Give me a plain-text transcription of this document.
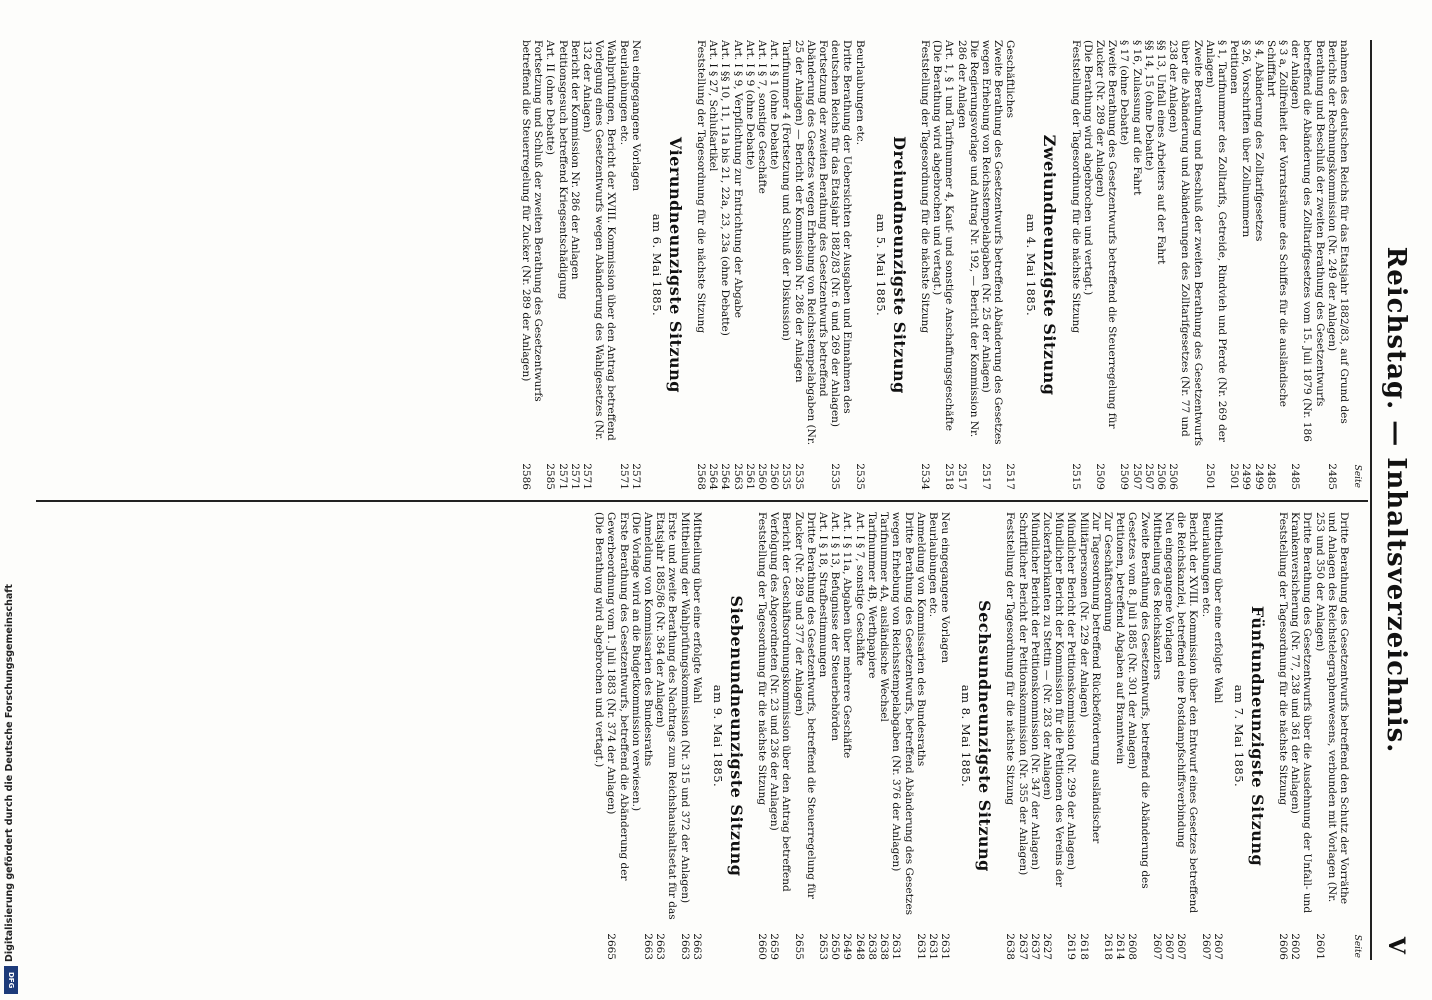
Reichstag. — Inhaltsverzeichnis.
V
Seite
nahmen des deutschen Reichs für das Etatsjahr 1882/83, auf Grund des Berichts der Rechnungskommission (Nr. 249 der Anlagen)
2485
Berathung und Beschluß der zweiten Berathung des Gesetzentwurfs betreffend die Abänderung des Zolltarifgesetzes vom 15. Juli 1879 (Nr. 186 der Anlagen)
2485
§ 3 a, Zollfreiheit der Vorratsräume des Schiffes für die ausländische Schifffahrt
2485
§ 4, Abänderung des Zolltarifgesetzes
2499
§ 26, Vorschriften über Zollnummern
2499
Petitionen
2501
§ 1, Tarifnummer des Zolltarifs, Getreide, Rindvieh und Pferde (Nr. 269 der Anlagen)
2501
Zweite Berathung und Beschluß der zweiten Berathung des Gesetzentwurfs über die Abänderung und Abänderungen des Zolltarifgesetzes (Nr. 77 und 238 der Anlagen)
2506
§§ 13, Unfall eines Arbeiters auf der Fahrt
2506
§§ 14, 15 (ohne Debatte)
2507
§ 16, Zulassung auf die Fahrt
2507
§ 17 (ohne Debatte)
2509
Zweite Berathung des Gesetzentwurfs betreffend die Steuerregelung für Zucker (Nr. 289 der Anlagen)
2509
(Die Berathung wird abgebrochen und vertagt.)
Feststellung der Tagesordnung für die nächste Sitzung
2515
Zweiundneunzigste Sitzung
am 4. Mai 1885.
Geschäftliches
2517
Zweite Berathung des Gesetzentwurfs betreffend Abänderung des Gesetzes wegen Erhebung von Reichsstempelabgaben (Nr. 25 der Anlagen)
2517
Die Regierungsvorlage und Antrag Nr. 192, — Bericht der Kommission Nr. 286 der Anlagen
2517
Art. 1, § 1 und Tarifnummer 4, Kauf- und sonstige Anschaffungsgeschäfte
2518
(Die Berathung wird abgebrochen und vertagt.)
Feststellung der Tagesordnung für die nächste Sitzung
2534
Dreiundneunzigste Sitzung
am 5. Mai 1885.
Beurlaubungen etc.
2535
Dritte Berathung der Uebersichten der Ausgaben und Einnahmen des deutschen Reichs für das Etatsjahr 1882/83 (Nr. 6 und 269 der Anlagen)
2535
Fortsetzung der zweiten Berathung des Gesetzentwurfs betreffend Abänderung des Gesetzes wegen Erhebung von Reichsstempelabgaben (Nr. 25 der Anlagen) — Bericht der Kommission Nr. 286 der Anlagen
2535
Tarifnummer 4 (Fortsetzung und Schluß der Diskussion)
2535
Art. I § 1 (ohne Debatte)
2560
Art. I § 7, sonstige Geschäfte
2560
Art. I § 9 (ohne Debatte)
2561
Art. I § 9, Verpflichtung zur Entrichtung der Abgabe
2563
Art. I §§ 10, 11, 11a bis 21, 22a, 23, 23a (ohne Debatte)
2564
Art. I § 27, Schlußartikel
2564
Feststellung der Tagesordnung für die nächste Sitzung
2568
Vierundneunzigste Sitzung
am 6. Mai 1885.
Neu eingegangene Vorlagen
2571
Beurlaubungen etc.
2571
Wahlprüfungen, Bericht der XVIII. Kommission über den Antrag betreffend Vorlegung eines Gesetzentwurfs wegen Abänderung des Wahlgesetzes (Nr. 132 der Anlagen)
2571
Bericht der Kommission Nr. 286 der Anlagen
2571
Petitionsgesuch betreffend Kriegsentschädigung
2571
Art. II (ohne Debatte)
2585
Fortsetzung und Schluß der zweiten Berathung des Gesetzentwurfs betreffend die Steuerregelung für Zucker (Nr. 289 der Anlagen)
2586
Seite
Dritte Berathung des Gesetzentwurfs betreffend den Schutz der Vorräthe und Anlagen des Reichstelegraphenwesens, verbunden mit Vorlagen (Nr. 253 und 350 der Anlagen)
2601
Dritte Berathung des Gesetzentwurfs über die Ausdehnung der Unfall- und Krankenversicherung (Nr. 77, 238 und 361 der Anlagen)
2602
Feststellung der Tagesordnung für die nächste Sitzung
2606
Fünfundneunzigste Sitzung
am 7. Mai 1885.
Mittheilung über eine erfolgte Wahl
2607
Beurlaubungen etc.
2607
Bericht der XVIII. Kommission über den Entwurf eines Gesetzes betreffend die Reichskanzlei, betreffend eine Postdampfschiffsverbindung
2607
Neu eingegangene Vorlagen
2607
Mittheilung des Reichskanzlers
2607
Zweite Berathung des Gesetzentwurfs, betreffend die Abänderung des Gesetzes vom 8. Juli 1885 (Nr. 301 der Anlagen)
2608
Petitionen, betreffend Abgaben auf Branntwein
2614
Zur Geschäftsordnung
2618
Zur Tagesordnung betreffend Rückbeförderung ausländischer Militärpersonen (Nr. 229 der Anlagen)
2618
Mündlicher Bericht der Petitionskommission (Nr. 299 der Anlagen)
2619
Mündlicher Bericht der Kommission für die Petitionen des Vereins der Zuckerfabrikanten zu Stettin — (Nr. 283 der Anlagen)
2627
Mündlicher Bericht der Petitionskommission (Nr. 347 der Anlagen)
2637
Schriftlicher Bericht der Petitionskommission (Nr. 355 der Anlagen)
2637
Feststellung der Tagesordnung für die nächste Sitzung
2638
Sechsundneunzigste Sitzung
am 8. Mai 1885.
Neu eingegangene Vorlagen
2631
Beurlaubungen etc.
2631
Anmeldung von Kommissarien des Bundesraths
2631
Dritte Berathung des Gesetzentwurfs, betreffend Abänderung des Gesetzes wegen Erhebung von Reichsstempelabgaben (Nr. 376 der Anlagen)
2631
Tarifnummer 4A, ausländische Wechsel
2638
Tarifnummer 4B, Werthpapiere
2638
Art. I § 7, sonstige Geschäfte
2648
Art. I § 11a, Abgaben über mehrere Geschäfte
2649
Art. I § 13, Befugnisse der Steuerbehörden
2650
Art. I § 18, Strafbestimmungen
2653
Dritte Berathung des Gesetzentwurfs, betreffend die Steuerregelung für Zucker (Nr. 289 und 377 der Anlagen)
2655
Bericht der Geschäftsordnungskommission über den Antrag betreffend Verfolgung des Abgeordneten (Nr. 23 und 236 der Anlagen)
2659
Feststellung der Tagesordnung für die nächste Sitzung
2660
Siebenundneunzigste Sitzung
am 9. Mai 1885.
Mittheilung über eine erfolgte Wahl
2663
Mittheilung der Wahlprüfungskommission (Nr. 315 und 372 der Anlagen)
2663
Erste und zweite Berathung des Nachtrags zum Reichshaushaltsetat für das Etatsjahr 1885/86 (Nr. 364 der Anlagen)
2663
Anmeldung von Kommissarien des Bundesraths
2663
(Die Vorlage wird an die Budgetkommission verwiesen.)
Erste Berathung des Gesetzentwurfs, betreffend die Abänderung der Gewerbeordnung vom 1. Juli 1883 (Nr. 374 der Anlagen)
2665
(Die Berathung wird abgebrochen und vertagt.)
Digitalisierung gefördert durch die Deutsche Forschungsgemeinschaft
DFG
